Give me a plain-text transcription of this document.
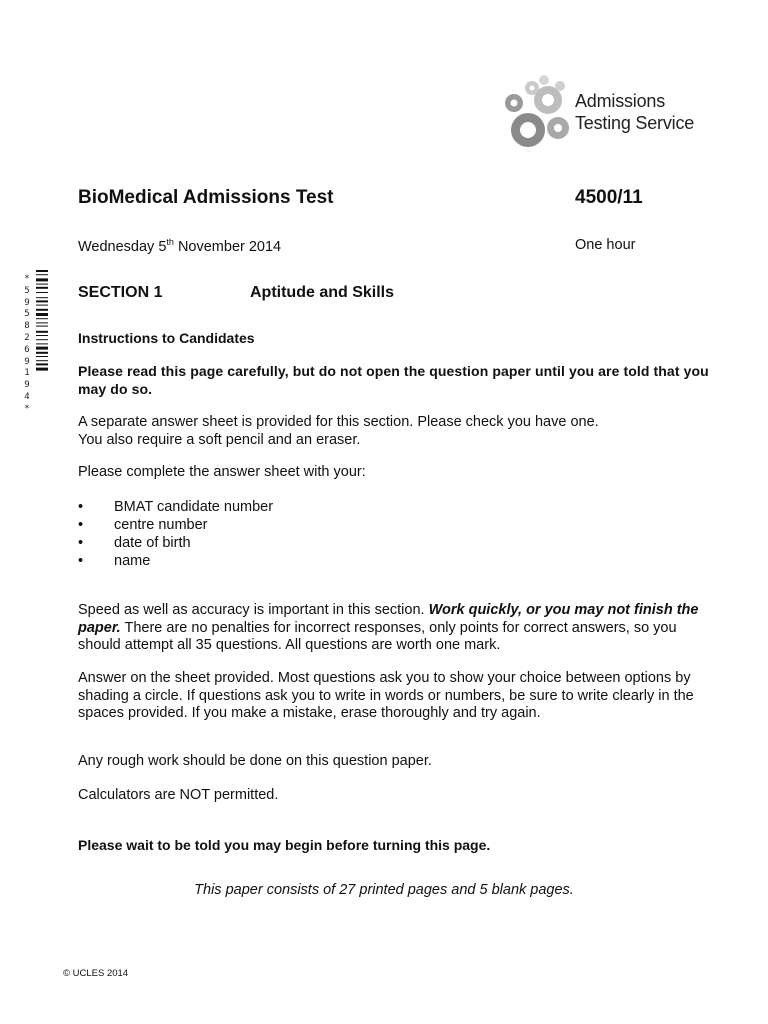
Admissions
Testing Service
*
5
9
5
8
2
6
9
1
9
4
*
BioMedical Admissions Test	4500/11
Wednesday 5th November 2014	One hour
SECTION 1	Aptitude and Skills
Instructions to Candidates
Please read this page carefully, but do not open the question paper until you are told that you may do so.
A separate answer sheet is provided for this section. Please check you have one.
You also require a soft pencil and an eraser.
Please complete the answer sheet with your:
• BMAT candidate number
• centre number
• date of birth
• name
Speed as well as accuracy is important in this section. Work quickly, or you may not finish the paper. There are no penalties for incorrect responses, only points for correct answers, so you should attempt all 35 questions. All questions are worth one mark.
Answer on the sheet provided. Most questions ask you to show your choice between options by shading a circle. If questions ask you to write in words or numbers, be sure to write clearly in the spaces provided. If you make a mistake, erase thoroughly and try again.
Any rough work should be done on this question paper.
Calculators are NOT permitted.
Please wait to be told you may begin before turning this page.
This paper consists of 27 printed pages and 5 blank pages.
© UCLES 2014
